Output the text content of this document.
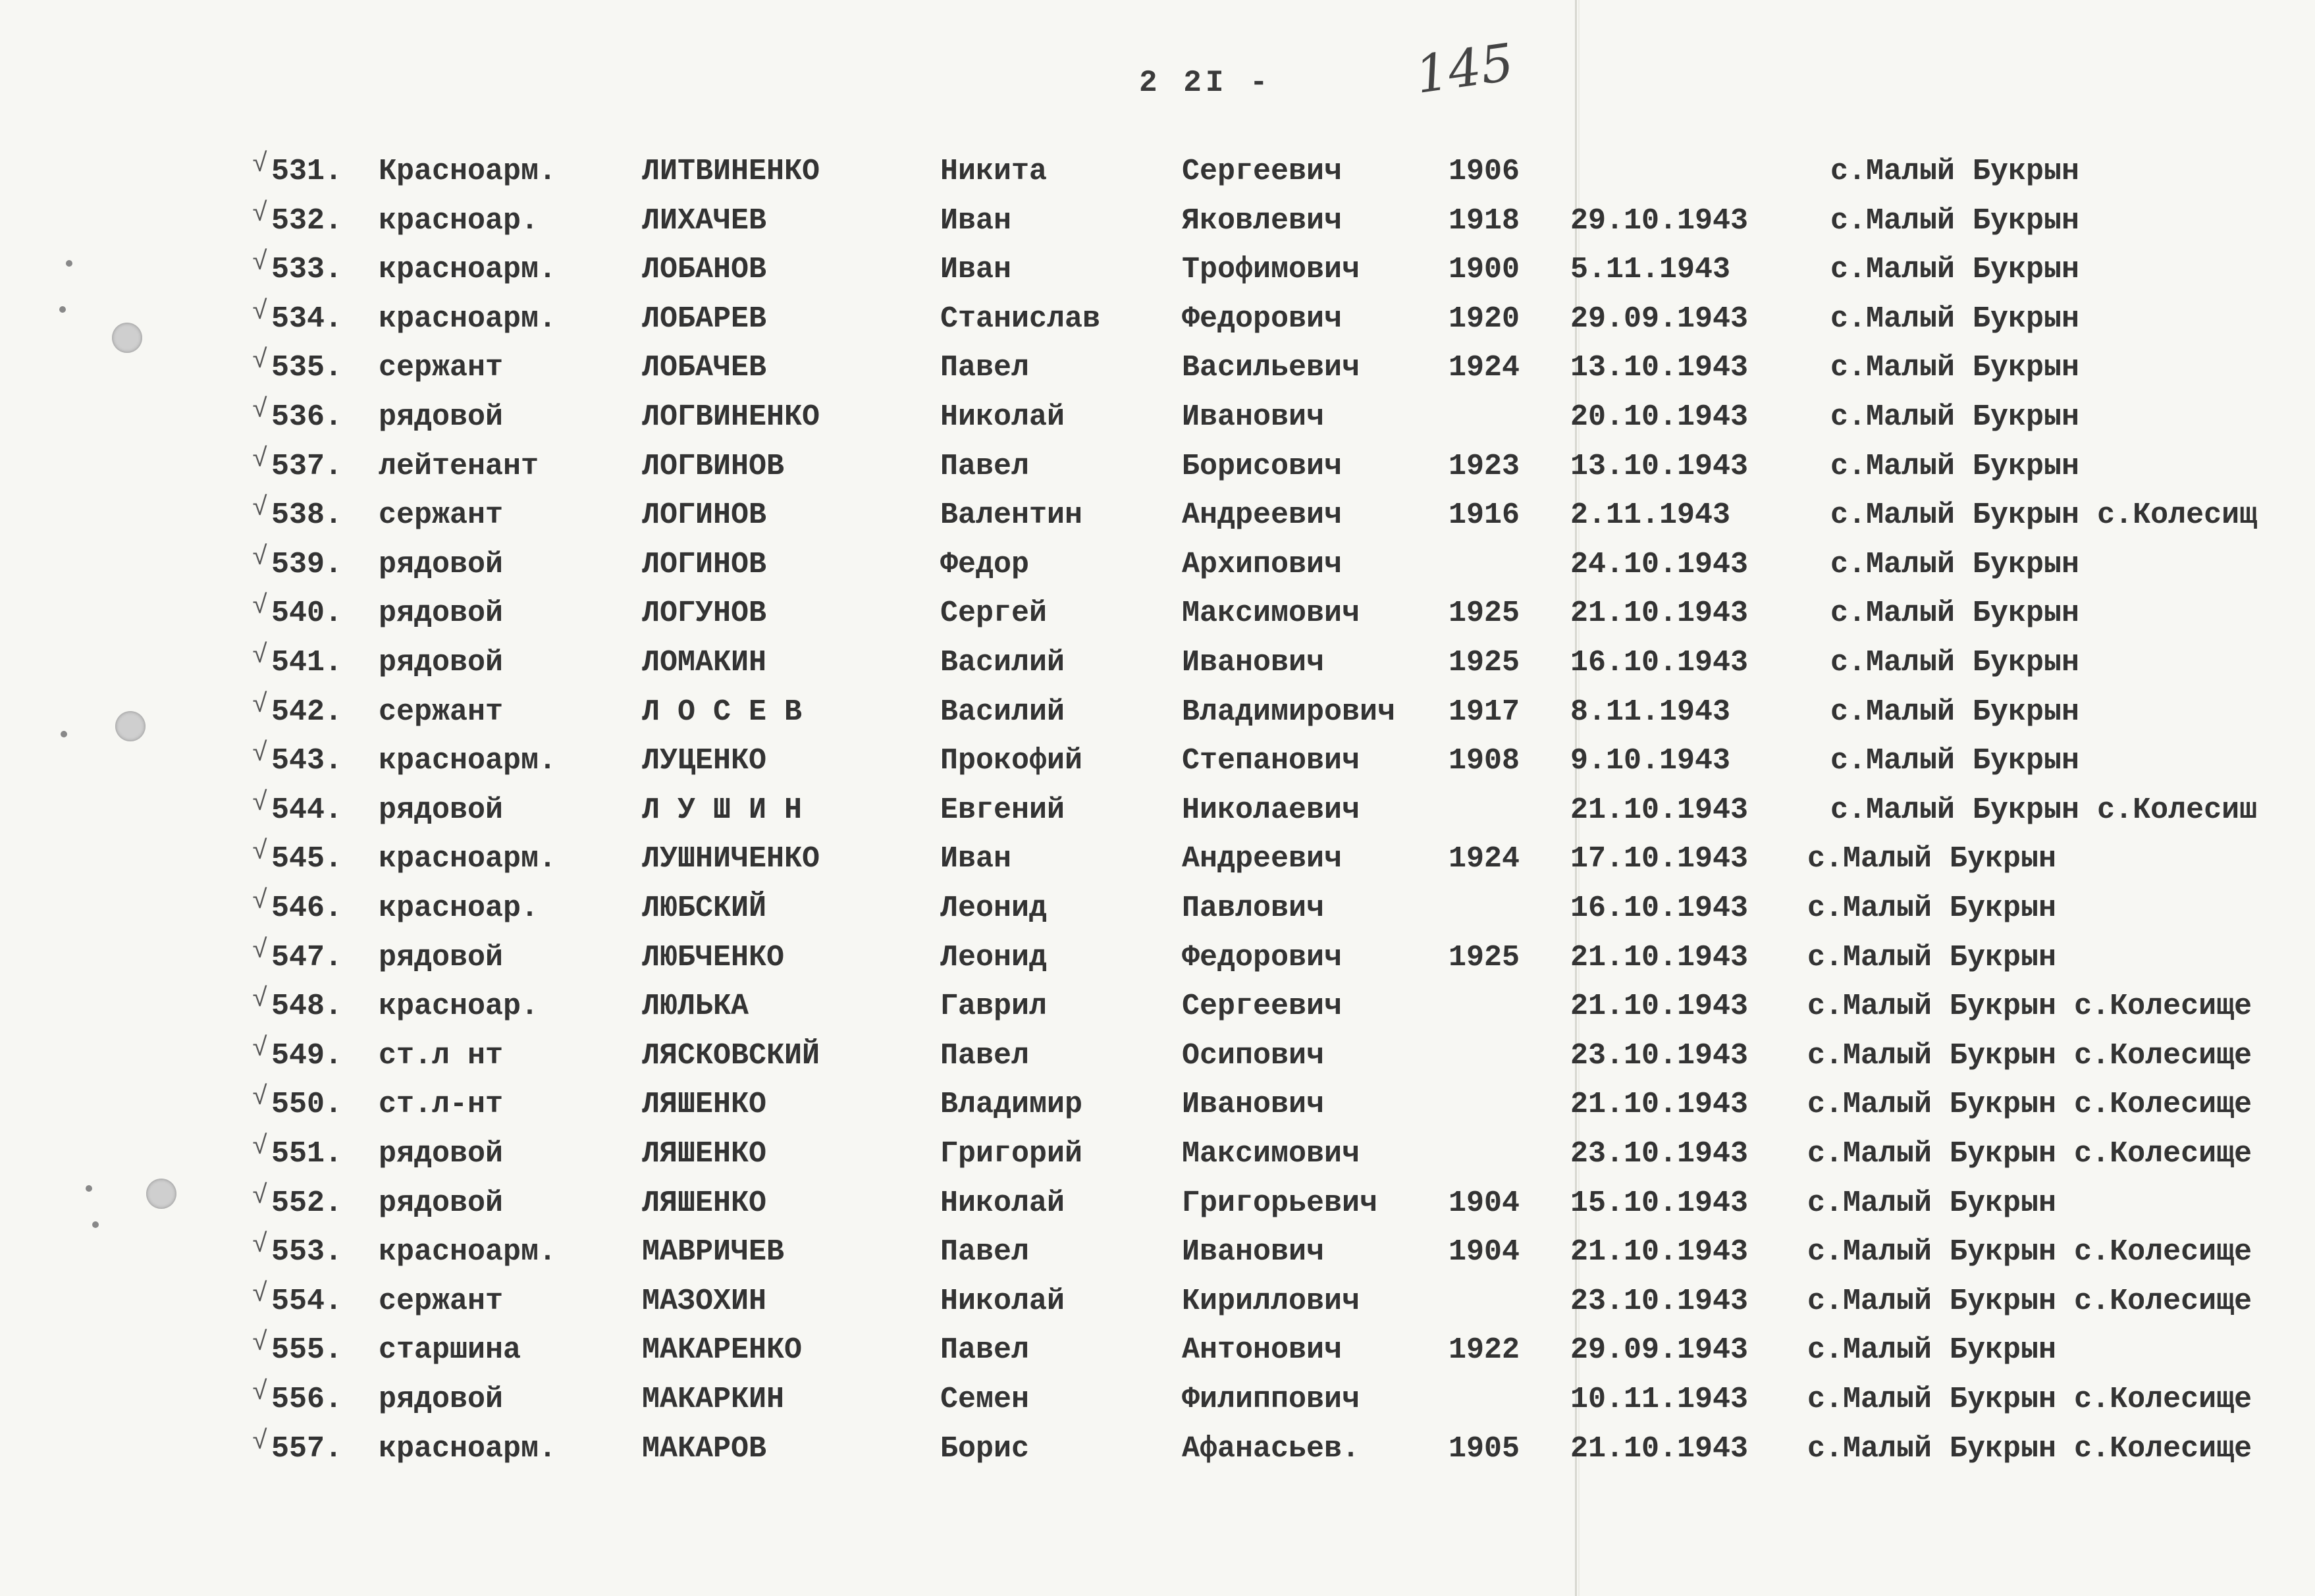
2 2I -	145
√ 531. Красноарм.	ЛИТВИНЕНКО	Никита	Сергеевич	1906	с.Малый Букрын
√ 532. красноар.	ЛИХАЧЕВ	Иван	Яковлевич	1918 29.10.1943	с.Малый Букрын
√ 533. красноарм.	ЛОБАНОВ	Иван	Трофимович	1900 5.11.1943	с.Малый Букрын
√ 534. красноарм.	ЛОБАРЕВ	Станислав	Федорович	1920 29.09.1943	с.Малый Букрын
√ 535. сержант	ЛОБАЧЕВ	Павел	Васильевич	1924 13.10.1943	с.Малый Букрын
√ 536. рядовой	ЛОГВИНЕНКО	Николай	Иванович	20.10.1943	с.Малый Букрын
√ 537. лейтенант	ЛОГВИНОВ	Павел	Борисович	1923 13.10.1943	с.Малый Букрын
√ 538. сержант	ЛОГИНОВ	Валентин	Андреевич	1916 2.11.1943	с.Малый Букрын с.Колесищ
√ 539. рядовой	ЛОГИНОВ	Федор	Архипович	24.10.1943	с.Малый Букрын
√ 540. рядовой	ЛОГУНОВ	Сергей	Максимович	1925 21.10.1943	с.Малый Букрын
√ 541. рядовой	ЛОМАКИН	Василий	Иванович	1925 16.10.1943	с.Малый Букрын
√ 542. сержант	Л О С Е В	Василий	Владимирович 1917 8.11.1943	с.Малый Букрын
√ 543. красноарм.	ЛУЦЕНКО	Прокофий	Степанович	1908 9.10.1943	с.Малый Букрын
√ 544. рядовой	Л У Ш И Н	Евгений	Николаевич	21.10.1943	с.Малый Букрын с.Колесиш
√ 545. красноарм.	ЛУШНИЧЕНКО	Иван	Андреевич	1924 17.10.1943 с.Малый Букрын
√ 546. красноар.	ЛЮБСКИЙ	Леонид	Павлович	16.10.1943 с.Малый Букрын
√ 547. рядовой	ЛЮБЧЕНКО	Леонид	Федорович	1925 21.10.1943 с.Малый Букрын
√ 548. красноар.	ЛЮЛЬКА	Гаврил	Сергеевич	21.10.1943 с.Малый Букрын с.Колесище
√ 549. ст.л нт	ЛЯСКОВСКИЙ	Павел	Осипович	23.10.1943 с.Малый Букрын с.Колесище
√ 550. ст.л-нт	ЛЯШЕНКО	Владимир	Иванович	21.10.1943 с.Малый Букрын с.Колесище
√ 551. рядовой	ЛЯШЕНКО	Григорий	Максимович	23.10.1943 с.Малый Букрын с.Колесище
√ 552. рядовой	ЛЯШЕНКО	Николай	Григорьевич 1904 15.10.1943 с.Малый Букрын
√ 553. красноарм.	МАВРИЧЕВ	Павел	Иванович	1904 21.10.1943 с.Малый Букрын с.Колесище
√ 554. сержант	МАЗОХИН	Николай	Кириллович	23.10.1943 с.Малый Букрын с.Колесище
√ 555. старшина	МАКАРЕНКО	Павел	Антонович	1922 29.09.1943 с.Малый Букрын
√ 556. рядовой	МАКАРКИН	Семен	Филиппович	10.11.1943 с.Малый Букрын с.Колесище
√ 557. красноарм.	МАКАРОВ	Борис	Афанасьев.	1905 21.10.1943 с.Малый Букрын с.Колесище
